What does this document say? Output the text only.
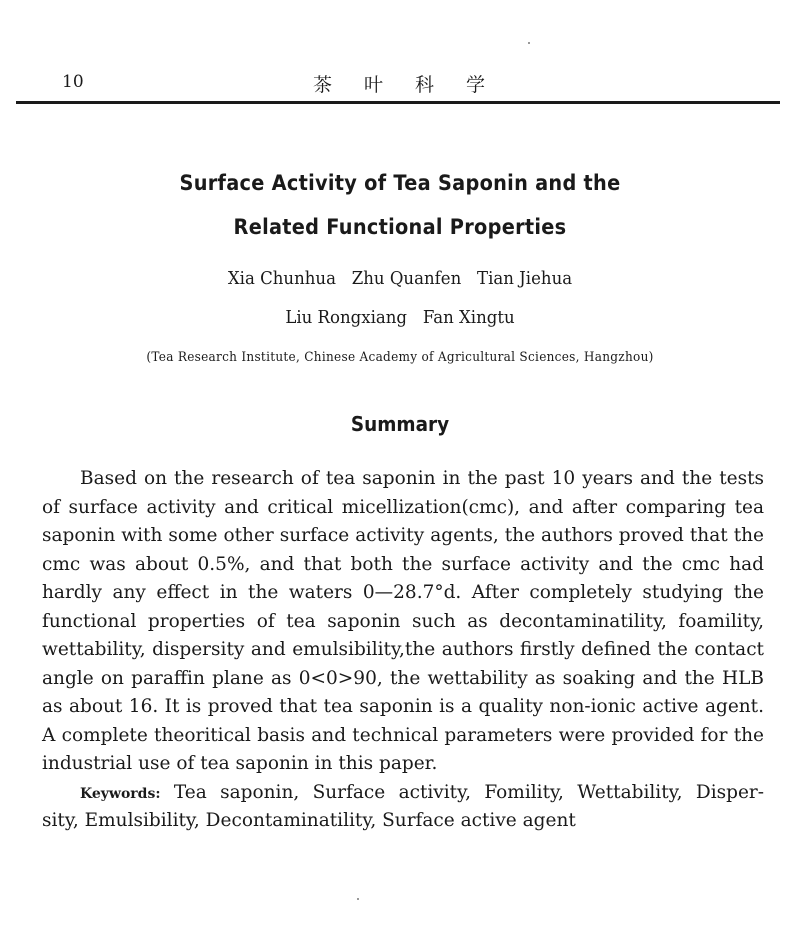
10	茶叶科学
Surface Activity of Tea Saponin and the
Related Functional Properties
Xia Chunhua   Zhu Quanfen   Tian Jiehua
Liu Rongxiang   Fan Xingtu
(Tea Research Institute, Chinese Academy of Agricultural Sciences, Hangzhou)
Summary
Based on the research of tea saponin in the past 10 years and the tests
of surface activity and critical micellization(cmc), and after comparing tea
saponin with some other surface activity agents, the authors proved that the
cmc was about 0.5%, and that both the surface activity and the cmc had
hardly any effect in the waters 0—28.7°d. After completely studying the
functional properties of tea saponin such as decontaminatility, foamility,
wettability, dispersity and emulsibility,the authors firstly defined the contact
angle on paraffin plane as 0<0>90, the wettability as soaking and the HLB
as about 16. It is proved that tea saponin is a quality non-ionic active agent.
A complete theoritical basis and technical parameters were provided for the
industrial use of tea saponin in this paper.
Keywords: Tea saponin, Surface activity, Fomility, Wettability, Disper-
sity, Emulsibility, Decontaminatility, Surface active agent
